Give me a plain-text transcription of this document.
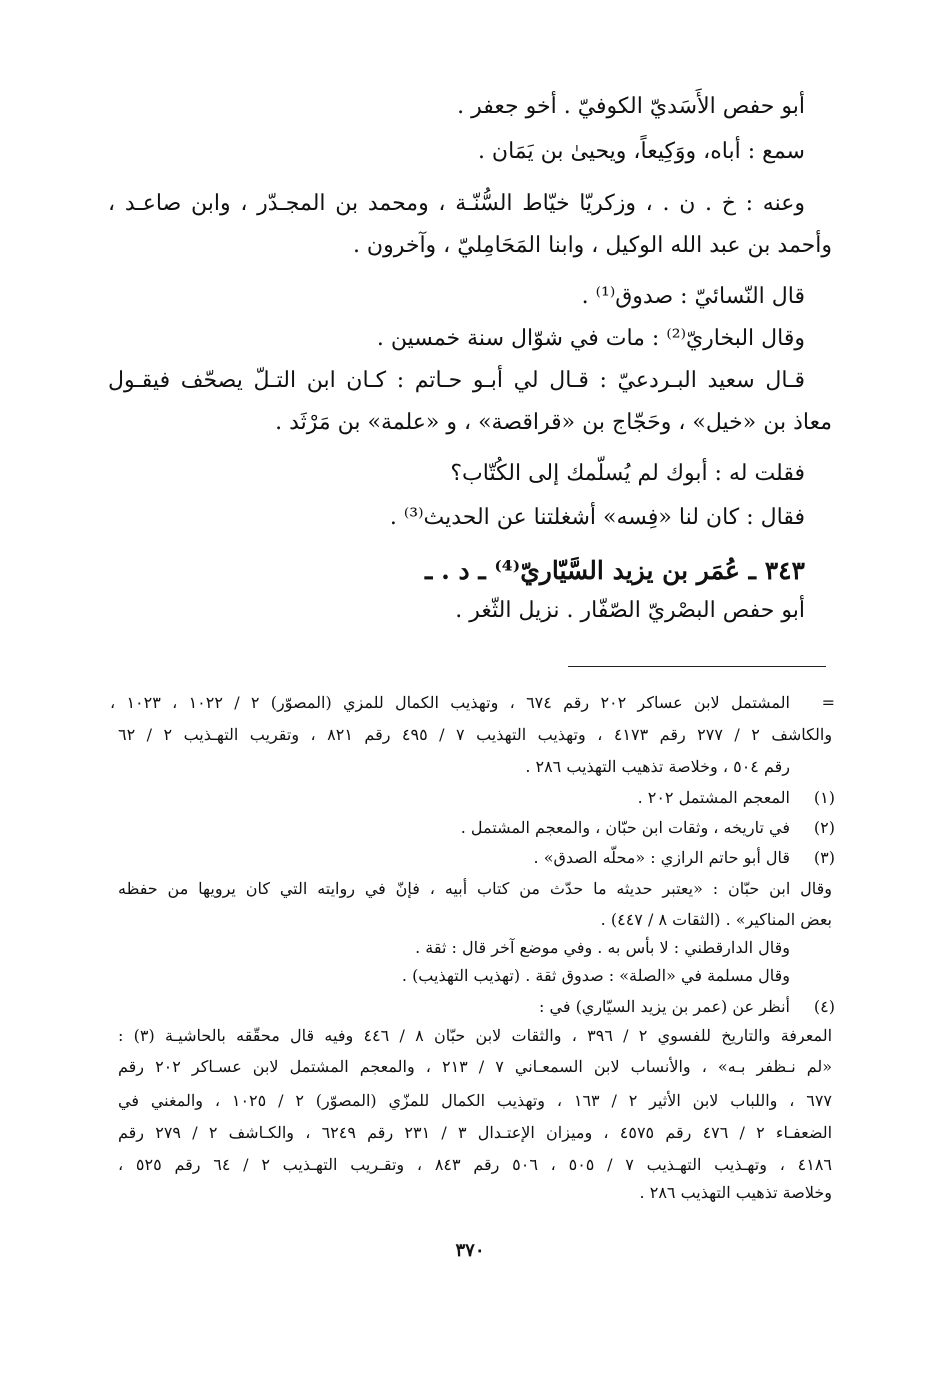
أبو حفص الأَسَديّ الكوفيّ . أخو جعفر .
سمع : أباه، ووَكِيعاً، ويحيىٰ بن يَمَان .
وعنه : خ . ن . ، وزكريّا خيّاط السُّنّـة ، ومحمد بن المجـدّر ، وابن صاعـد ،
وأحمد بن عبد الله الوكيل ، وابنا المَحَامِليّ ، وآخرون .
قال النّسائيّ : صدوق⁽¹⁾ .
وقال البخاريّ⁽²⁾ : مات في شوّال سنة خمسين .
قـال سعيد البـردعيّ : قـال لي أبـو حـاتم : كـان ابن التـلّ يصحّف فيقـول
معاذ بن «خيل» ، وحَجّاج بن «قراقصة» ، و «علمة» بن مَرْثَد .
فقلت له : أبوك لم يُسلّمك إلى الكُتّاب؟
فقال : كان لنا «فِسه» أشغلتنا عن الحديث⁽³⁾ .
٣٤٣ ـ عُمَر بن يزيد السَّيّاريّ⁽⁴⁾ ـ د . ـ
أبو حفص البصْريّ الصّفّار . نزيل الثّغر .
=
المشتمل لابن عساكر ٢٠٢ رقم ٦٧٤ ، وتهذيب الكمال للمزي (المصوّر) ٢ / ١٠٢٢ ، ١٠٢٣ ،
والكاشف ٢ / ٢٧٧ رقم ٤١٧٣ ، وتهذيب التهذيب ٧ / ٤٩٥ رقم ٨٢١ ، وتقريب التهـذيب ٢ / ٦٢
رقم ٥٠٤ ، وخلاصة تذهيب التهذيب ٢٨٦ .
(١)
المعجم المشتمل ٢٠٢ .
(٢)
في تاريخه ، وثقات ابن حبّان ، والمعجم المشتمل .
(٣)
قال أبو حاتم الرازي : «محلّه الصدق» .
وقال ابن حبّان : «يعتبر حديثه ما حدّث من كتاب أبيه ، فإنّ في روايته التي كان يرويها من حفظه
بعض المناكير» . (الثقات ٨ / ٤٤٧) .
وقال الدارقطني : لا بأس به . وفي موضع آخر قال : ثقة .
وقال مسلمة في «الصلة» : صدوق ثقة . (تهذيب التهذيب) .
(٤)
أنظر عن (عمر بن يزيد السيّاري) في :
المعرفة والتاريخ للفسوي ٢ / ٣٩٦ ، والثقات لابن حبّان ٨ / ٤٤٦ وفيه قال محقّقه بالحاشيـة (٣) :
«لم نـظفر بـه» ، والأنساب لابن السمعـاني ٧ / ٢١٣ ، والمعجم المشتمل لابن عسـاكر ٢٠٢ رقم
٦٧٧ ، واللباب لابن الأثير ٢ / ١٦٣ ، وتهذيب الكمال للمزّي (المصوّر) ٢ / ١٠٢٥ ، والمغني في
الضعفـاء ٢ / ٤٧٦ رقم ٤٥٧٥ ، وميزان الإعتـدال ٣ / ٢٣١ رقم ٦٢٤٩ ، والكـاشف ٢ / ٢٧٩ رقم
٤١٨٦ ، وتهـذيب التهـذيب ٧ / ٥٠٥ ، ٥٠٦ رقم ٨٤٣ ، وتقـريب التهـذيب ٢ / ٦٤ رقم ٥٢٥ ،
وخلاصة تذهيب التهذيب ٢٨٦ .
٣٧٠
